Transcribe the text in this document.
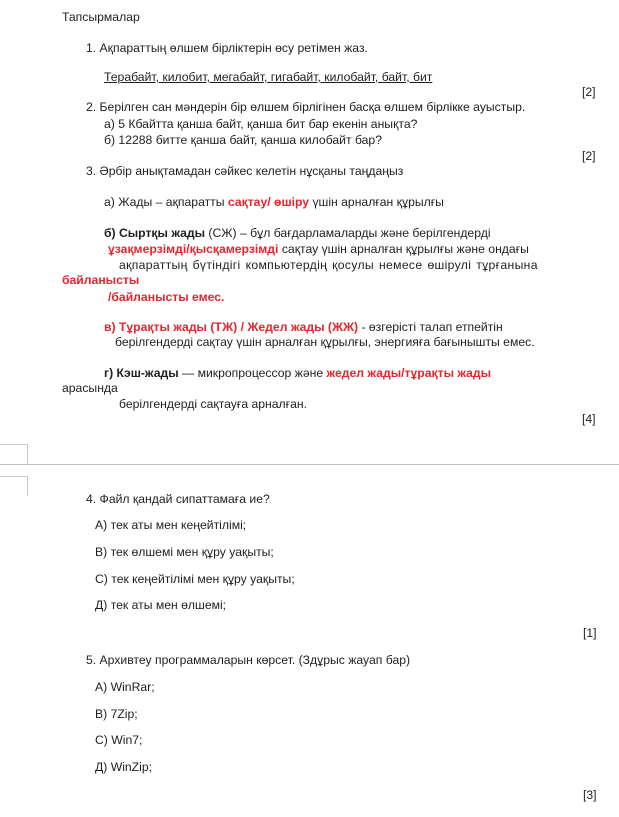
Тапсырмалар
1. Ақпараттың өлшем бірліктерін өсу ретімен жаз.
Терабайт, килобит, мегабайт, гигабайт, килобайт, байт, бит
[2]
2. Берілген сан мәндерін бір өлшем бірлігінен басқа өлшем бірлікке ауыстыр.
а) 5 Кбайтта қанша байт, қанша бит бар екенін анықта?
б) 12288 битте қанша байт, қанша килобайт бар?
[2]
3. Әрбір анықтамадан сәйкес келетін нұсқаны таңдаңыз
а) Жады – ақпаратты сақтау/ өшіру үшін арналған құрылғы
б) Сыртқы жады (СЖ) – бұл бағдарламаларды және берілгендерді
ұзақмерзімді/қысқамерзімді сақтау үшін арналған құрылғы және ондағы
ақпараттың бүтіндігі компьютердің қосулы немесе өшірулі тұрғанына
байланысты
/байланысты емес.
в) Тұрақты жады (ТЖ) / Жедел жады (ЖЖ) - өзгерісті талап етпейтін
берілгендерді сақтау үшін арналған құрылғы, энергияға бағынышты емес.
г) Кэш-жады — микропроцессор және жедел жады/тұрақты жады
арасында
берілгендерді сақтауға арналған.
[4]
4. Файл қандай сипаттамаға ие?
А) тек аты мен кеңейтілімі;
В) тек өлшемі мен құру уақыты;
С) тек кеңейтілімі мен құру уақыты;
Д) тек аты мен өлшемі;
[1]
5. Архивтеу программаларын көрсет. (Здұрыс жауап бар)
А) WinRar;
В) 7Zip;
С) Win7;
Д) WinZip;
[3]
